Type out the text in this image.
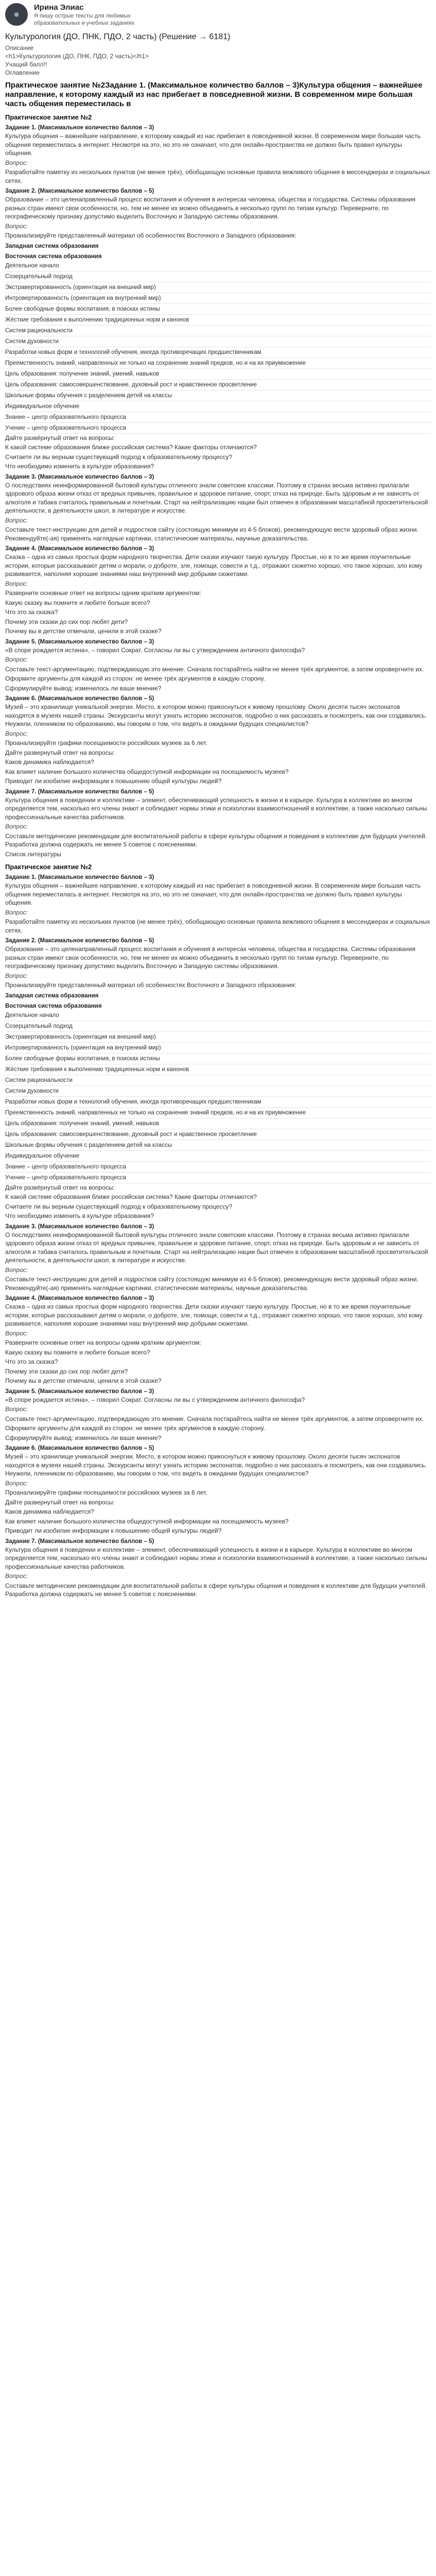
●
Ирина Элиас
Я пишу острые тексты для любимых образовательных и учебных заданиях
Культурология (ДО, ПНК, ПДО, 2 часть) (Решение → 6181)
Описание
<h1>Культурология (ДО, ПНК, ПДО, 2 часть)</h1>
Учащий балл!!
Оглавление

Практическое занятие №2Задание 1. (Максимальное количество баллов – 3)Культура общения – важнейшее направление, к которому каждый из нас прибегает в повседневной жизни. В современном мире большая часть общения переместилась в

Практическое занятие №2

Задание 1. (Максимальное количество баллов – 3)

Культура общения – важнейшее направление, к которому каждый из нас прибегает в повседневной жизни. В современном мире большая часть общения переместилась в интернет. Несмотря на это, но это не означает, что для онлайн-пространства не должно быть правил культуры общения.

Вопрос:

Разработайте памятку из нескольких пунктов (не менее трёх), обобщающую основные правила вежливого общения в мессенджерах и социальных сетях.

Задание 2. (Максимальное количество баллов – 5)

Образование – это целенаправленный процесс воспитания и обучения в интересах человека, общества и государства. Системы образования разных стран имеют свои особенности, но, тем не менее их можно объединить в несколько групп по типам культур. Переверните, по географическому признаку допустимо выделить Восточную и Западную системы образования.

Вопрос:

Проанализируйте представленный материал об особенностях Восточного и Западного образования:

Западная система образования

Восточная система образования

Деятельное начало

Созерцательный подход

Экстравертированность (ориентация на внешний мир)

Интровертированность (ориентация на внутренний мир)

Более свободные формы воспитания, в поисках истины

Жёсткие требования к выполнению традиционных норм и канонов

Систем рациональности

Систем духовности

Разработки новых форм и технологий обучения, иногда противоречащих предшественникам

Преемственность знаний, направленных не только на сохранение знаний предков, но и на их приумножение

Цель образования: получение знаний, умений, навыков

Цель образования: самосовершенствование, духовный рост и нравственное просветление

Школьные формы обучения с разделением детей на классы

Индивидуальное обучение

Знание – центр образовательного процесса

Учение – центр образовательного процесса

Дайте развёрнутый ответ на вопросы:

К какой системе образования ближе российская система? Какие факторы отличаются?

Считаете ли вы верным существующий подход к образовательному процессу?

Что необходимо изменить в культуре образования?

Задание 3. (Максимальное количество баллов – 3)

О последствиях неинформированной бытовой культуры отличного знали советские классики. Поэтому в странах весьма активно прилагали здорового образа жизни отказ от вредных привычек, правильное и здоровое питание, спорт, отказ на природе. Быть здоровым и не зависеть от алкоголя и табака считалось правильным и почетным. Старт на нейтрализацию нации был отмечен в образовании масштабной просветительской деятельности, в деятельности школ, в литературе и искусстве.

Вопрос:

Составьте текст-инструкцию для детей и подростков сайту (состоящую минимум из 4-5 блоков), рекомендующую вести здоровый образ жизни. Рекомендуйте(-ая) применять наглядные картинки, статистические материалы, научные доказательства.

Задание 4. (Максимальное количество баллов – 3)

Сказка – одна из самых простых форм народного творчества. Дети сказки изучают такую культуру. Простые, но в то же время поучительные истории, которые рассказывают детям о морали, о доброте, зле, помощи, совести и т.д., отражают сюжетно хорошо, что такое хорошо, зло кому развивается, наполняя хорошие знаниями наш внутренний мир добрыми сюжетами.

Вопрос:

Разверните основные ответ на вопросы одним кратким аргументом:

Какую сказку вы помните и любите больше всего?

Что это за сказка?

Почему эти сказки до сих пор любят дети?

Почему вы в детстве отмечали, ценили в этой сказке?

Задание 5. (Максимальное количество баллов – 3)

«В споре рождается истина», – говорил Сократ. Согласны ли вы с утверждением античного философа?

Вопрос:

Составьте текст-аргументацию, подтверждающую это мнение. Сначала постарайтесь найти не менее трёх аргументов, а затем опровергните их.

Оформите аргументы для каждой из сторон: не менее трёх аргументов в каждую сторону.

Сформулируйте вывод: изменилось ли ваше мнение?

Задание 6. (Максимальное количество баллов – 5)

Музей – это хранилище уникальной энергии. Место, в котором можно прикоснуться к живому прошлому. Около десяти тысяч экспонатов находятся в музеях нашей страны. Экскурсанты могут узнать историю экспонатов, подробно о них рассказать и посмотреть, как они создавались. Неужели, пленником по образованию, мы говорим о том, что видеть в ожидании будущих специалистов?

Вопрос:

Проанализируйте графики посещаемости российских музеев за 6 лет.

Дайте развернутый ответ на вопросы:

Каков динамика наблюдается?

Как влияет наличие большого количества общедоступной информации на посещаемость музеев?

Приводит ли изобилие информации к повышению общей культуры людей?

Задание 7. (Максимальное количество баллов – 5)

Культура общения в поведении и коллективе – элемент, обеспечивающий успешность в жизни и в карьере. Культура в коллективе во многом определяется тем, насколько его члены знают и соблюдают нормы этики и психологии взаимоотношений в коллективе, а также насколько сильны профессиональные качества работников.

Вопрос:

Составьте методические рекомендации для воспитательной работы в сфере культуры общения и поведения в коллективе для будущих учителей. Разработка должна содержать не менее 5 советов с пояснениями.

Список литературы

Практическое занятие №2

Задание 1. (Максимальное количество баллов – 3)

Культура общения – важнейшее направление, к которому каждый из нас прибегает в повседневной жизни. В современном мире большая часть общения переместилась в интернет. Несмотря на это, но это не означает, что для онлайн-пространства не должно быть правил культуры общения.

Вопрос:

Разработайте памятку из нескольких пунктов (не менее трёх), обобщающую основные правила вежливого общения в мессенджерах и социальных сетях.

Задание 2. (Максимальное количество баллов – 5)

Образование – это целенаправленный процесс воспитания и обучения в интересах человека, общества и государства. Системы образования разных стран имеют свои особенности, но, тем не менее их можно объединить в несколько групп по типам культур. Переверните, по географическому признаку допустимо выделить Восточную и Западную системы образования.

Вопрос:

Проанализируйте представленный материал об особенностях Восточного и Западного образования:

Западная система образования

Восточная система образования

Деятельное начало

Созерцательный подход

Экстравертированность (ориентация на внешний мир)

Интровертированность (ориентация на внутренний мир)

Более свободные формы воспитания, в поисках истины

Жёсткие требования к выполнению традиционных норм и канонов

Систем рациональности

Систем духовности

Разработки новых форм и технологий обучения, иногда противоречащих предшественникам

Преемственность знаний, направленных не только на сохранение знаний предков, но и на их приумножение

Цель образования: получение знаний, умений, навыков

Цель образования: самосовершенствование, духовный рост и нравственное просветление

Школьные формы обучения с разделением детей на классы

Индивидуальное обучение

Знание – центр образовательного процесса

Учение – центр образовательного процесса

Дайте развёрнутый ответ на вопросы:

К какой системе образования ближе российская система? Какие факторы отличаются?

Считаете ли вы верным существующий подход к образовательному процессу?

Что необходимо изменить в культуре образования?

Задание 3. (Максимальное количество баллов – 3)

О последствиях неинформированной бытовой культуры отличного знали советские классики. Поэтому в странах весьма активно прилагали здорового образа жизни отказ от вредных привычек, правильное и здоровое питание, спорт, отказ на природе. Быть здоровым и не зависеть от алкоголя и табака считалось правильным и почетным. Старт на нейтрализацию нации был отмечен в образовании масштабной просветительской деятельности, в деятельности школ, в литературе и искусстве.

Вопрос:

Составьте текст-инструкцию для детей и подростков сайту (состоящую минимум из 4-5 блоков), рекомендующую вести здоровый образ жизни. Рекомендуйте(-ая) применять наглядные картинки, статистические материалы, научные доказательства.

Задание 4. (Максимальное количество баллов – 3)

Сказка – одна из самых простых форм народного творчества. Дети сказки изучают такую культуру. Простые, но в то же время поучительные истории, которые рассказывают детям о морали, о доброте, зле, помощи, совести и т.д., отражают сюжетно хорошо, что такое хорошо, зло кому развивается, наполняя хорошие знаниями наш внутренний мир добрыми сюжетами.

Вопрос:

Разверните основные ответ на вопросы одним кратким аргументом:

Какую сказку вы помните и любите больше всего?

Что это за сказка?

Почему эти сказки до сих пор любят дети?

Почему вы в детстве отмечали, ценили в этой сказке?

Задание 5. (Максимальное количество баллов – 3)

«В споре рождается истина», – говорил Сократ. Согласны ли вы с утверждением античного философа?

Вопрос:

Составьте текст-аргументацию, подтверждающую это мнение. Сначала постарайтесь найти не менее трёх аргументов, а затем опровергните их.

Оформите аргументы для каждой из сторон: не менее трёх аргументов в каждую сторону.

Сформулируйте вывод: изменилось ли ваше мнение?

Задание 6. (Максимальное количество баллов – 5)

Музей – это хранилище уникальной энергии. Место, в котором можно прикоснуться к живому прошлому. Около десяти тысяч экспонатов находятся в музеях нашей страны. Экскурсанты могут узнать историю экспонатов, подробно о них рассказать и посмотреть, как они создавались. Неужели, пленником по образованию, мы говорим о том, что видеть в ожидании будущих специалистов?

Вопрос:

Проанализируйте графики посещаемости российских музеев за 6 лет.

Дайте развернутый ответ на вопросы:

Каков динамика наблюдается?

Как влияет наличие большого количества общедоступной информации на посещаемость музеев?

Приводит ли изобилие информации к повышению общей культуры людей?

Задание 7. (Максимальное количество баллов – 5)

Культура общения в поведении и коллективе – элемент, обеспечивающий успешность в жизни и в карьере. Культура в коллективе во многом определяется тем, насколько его члены знают и соблюдают нормы этики и психологии взаимоотношений в коллективе, а также насколько сильны профессиональные качества работников.

Вопрос:

Составьте методические рекомендации для воспитательной работы в сфере культуры общения и поведения в коллективе для будущих учителей. Разработка должна содержать не менее 5 советов с пояснениями.
